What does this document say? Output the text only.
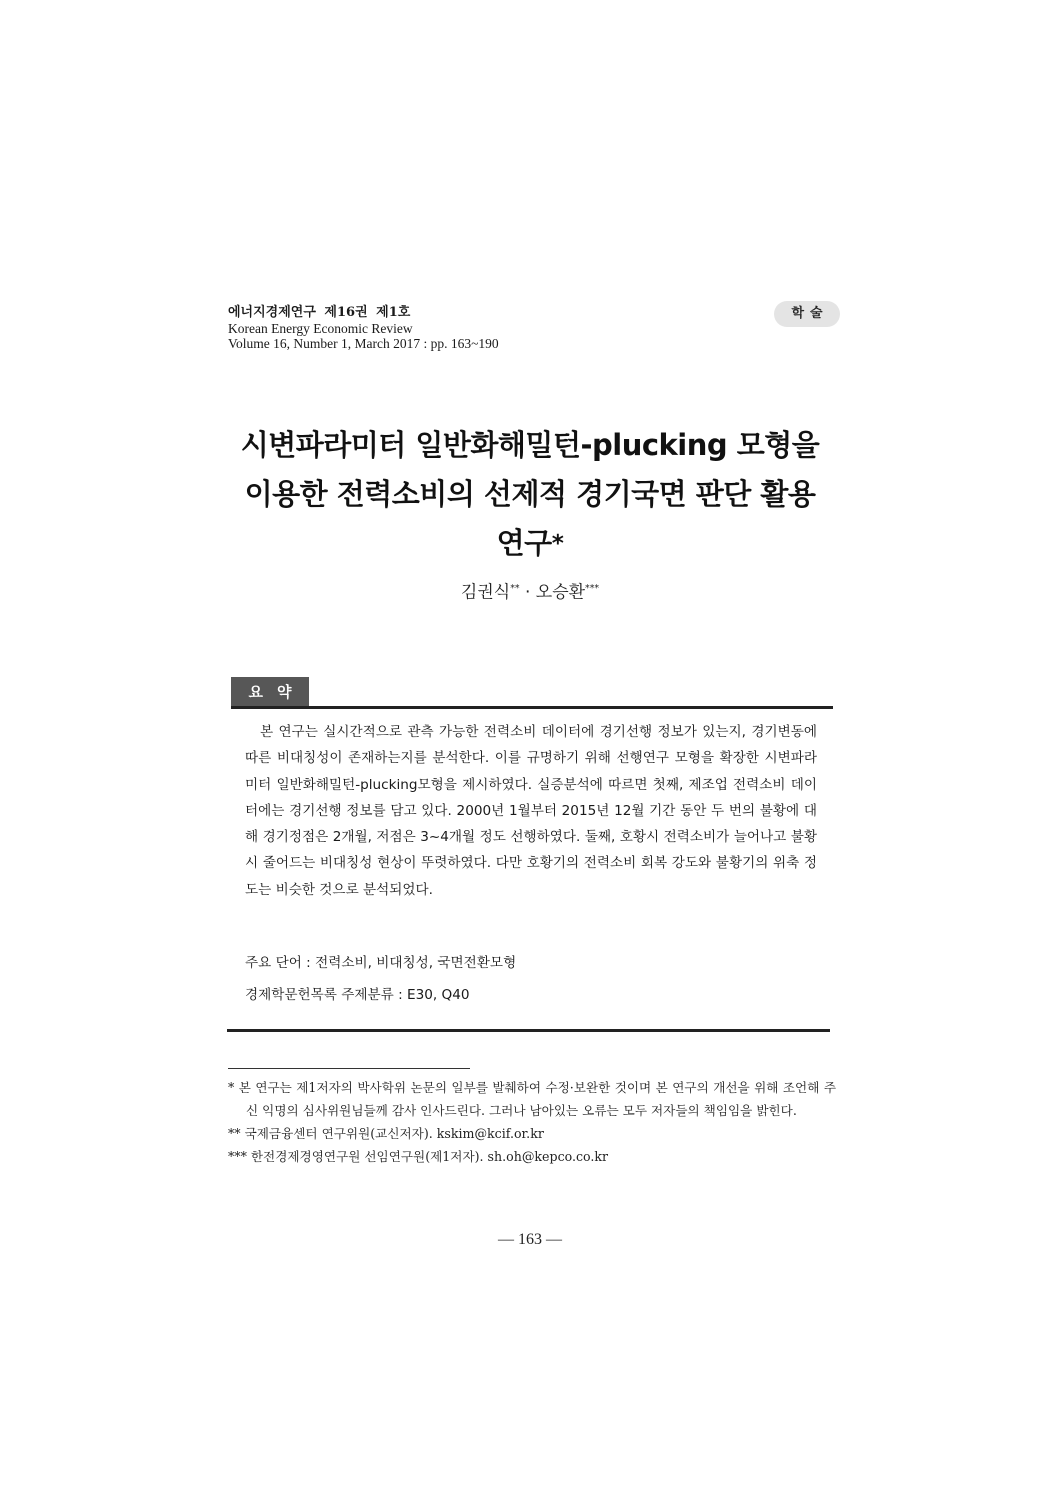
에너지경제연구 제16권 제1호
Korean Energy Economic Review
Volume 16, Number 1, March 2017 : pp. 163~190
학술
시변파라미터 일반화해밀턴-plucking 모형을
이용한 전력소비의 선제적 경기국면 판단 활용
연구*
김권식** · 오승환***
요약
본 연구는 실시간적으로 관측 가능한 전력소비 데이터에 경기선행 정보가 있는지, 경기변동에 따른 비대칭성이 존재하는지를 분석한다. 이를 규명하기 위해 선행연구 모형을 확장한 시변파라미터 일반화해밀턴-plucking모형을 제시하였다. 실증분석에 따르면 첫째, 제조업 전력소비 데이터에는 경기선행 정보를 담고 있다. 2000년 1월부터 2015년 12월 기간 동안 두 번의 불황에 대해 경기정점은 2개월, 저점은 3~4개월 정도 선행하였다. 둘째, 호황시 전력소비가 늘어나고 불황시 줄어드는 비대칭성 현상이 뚜렷하였다. 다만 호황기의 전력소비 회복 강도와 불황기의 위축 정도는 비슷한 것으로 분석되었다.
주요 단어 : 전력소비, 비대칭성, 국면전환모형
경제학문헌목록 주제분류 : E30, Q40
* 본 연구는 제1저자의 박사학위 논문의 일부를 발췌하여 수정·보완한 것이며 본 연구의 개선을 위해 조언해 주신 익명의 심사위원님들께 감사 인사드린다. 그러나 남아있는 오류는 모두 저자들의 책임임을 밝힌다.
** 국제금융센터 연구위원(교신저자). kskim@kcif.or.kr
*** 한전경제경영연구원 선임연구원(제1저자). sh.oh@kepco.co.kr
— 163 —
